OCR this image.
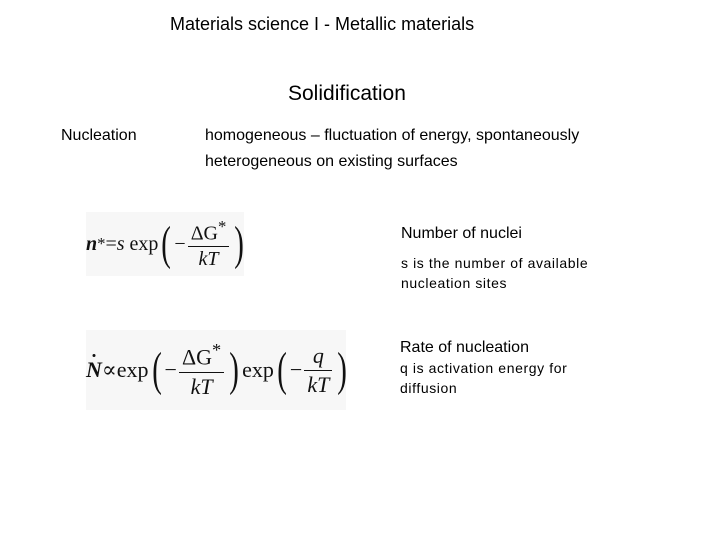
Materials science I - Metallic materials
Solidification
Nucleation	homogeneous – fluctuation of energy, spontaneously
heterogeneous on existing surfaces
n * = s
exp ( − $\frac{\Delta G^*}{kT}$ )
N ∝ exp ( − $\frac{\Delta G^*}{kT}$ ) exp ( − $\frac{q}{kT}$ )
Number of nuclei
s is the number of available nucleation sites
Rate of nucleation
q is activation energy for diffusion
